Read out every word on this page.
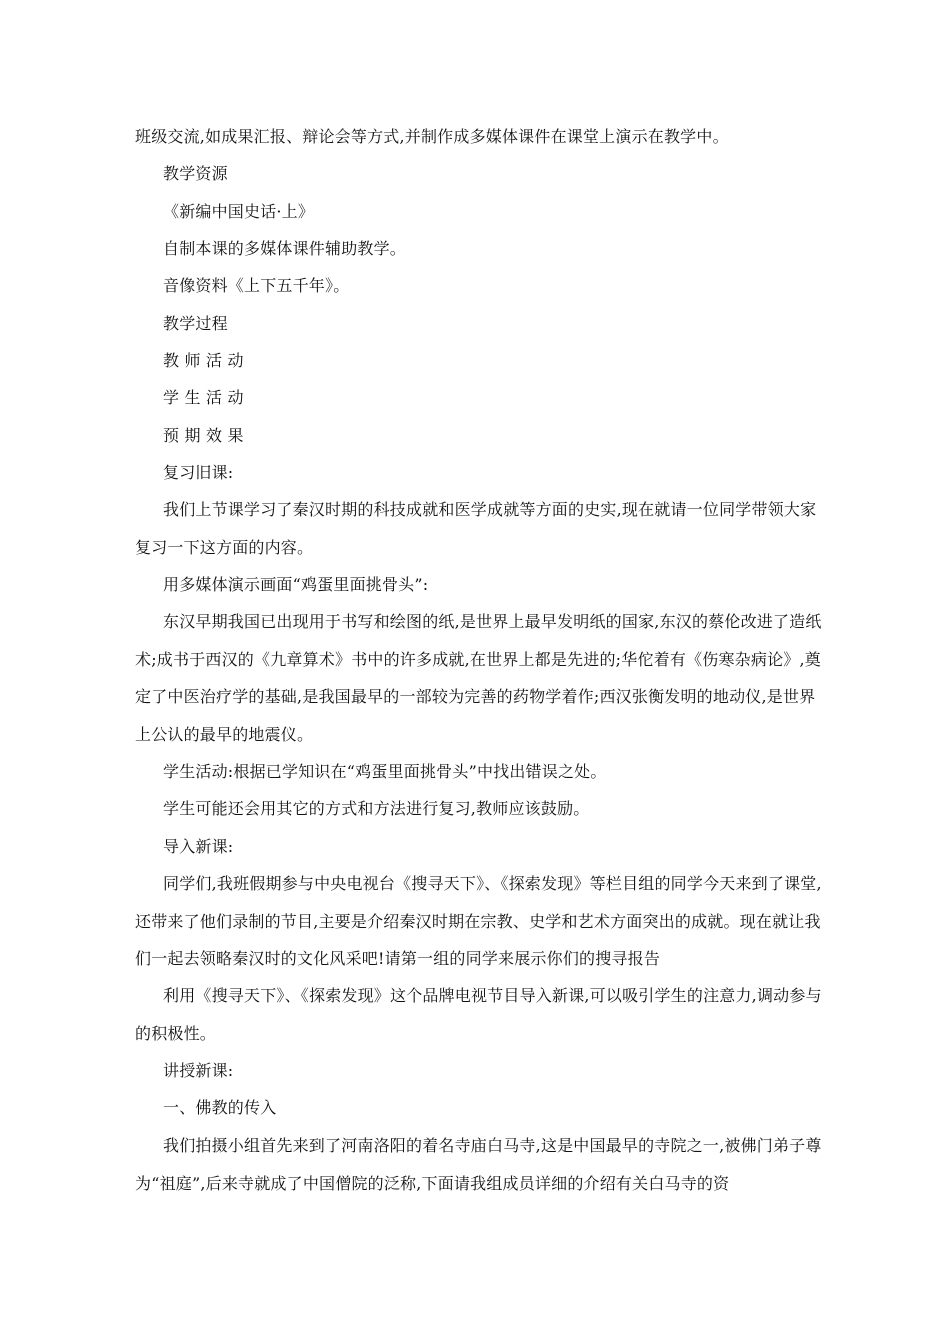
班级交流,如成果汇报、辩论会等方式,并制作成多媒体课件在课堂上演示在教学中。

教学资源

《新编中国史话·上》

自制本课的多媒体课件辅助教学。

音像资料《上下五千年》。

教学过程

教 师 活 动

学 生 活 动

预 期 效 果

复习旧课:

我们上节课学习了秦汉时期的科技成就和医学成就等方面的史实,现在就请一位同学带领大家复习一下这方面的内容。

用多媒体演示画面“鸡蛋里面挑骨头”:

东汉早期我国已出现用于书写和绘图的纸,是世界上最早发明纸的国家,东汉的蔡伦改进了造纸术;成书于西汉的《九章算术》书中的许多成就,在世界上都是先进的;华佗着有《伤寒杂病论》,奠定了中医治疗学的基础,是我国最早的一部较为完善的药物学着作;西汉张衡发明的地动仪,是世界上公认的最早的地震仪。

学生活动:根据已学知识在“鸡蛋里面挑骨头”中找出错误之处。

学生可能还会用其它的方式和方法进行复习,教师应该鼓励。

导入新课:

同学们,我班假期参与中央电视台《搜寻天下》、《探索发现》等栏目组的同学今天来到了课堂,还带来了他们录制的节目,主要是介绍秦汉时期在宗教、史学和艺术方面突出的成就。现在就让我们一起去领略秦汉时的文化风采吧!请第一组的同学来展示你们的搜寻报告

利用《搜寻天下》、《探索发现》这个品牌电视节目导入新课,可以吸引学生的注意力,调动参与的积极性。

讲授新课:

一、佛教的传入

我们拍摄小组首先来到了河南洛阳的着名寺庙白马寺,这是中国最早的寺院之一,被佛门弟子尊为“祖庭”,后来寺就成了中国僧院的泛称,下面请我组成员详细的介绍有关白马寺的资
